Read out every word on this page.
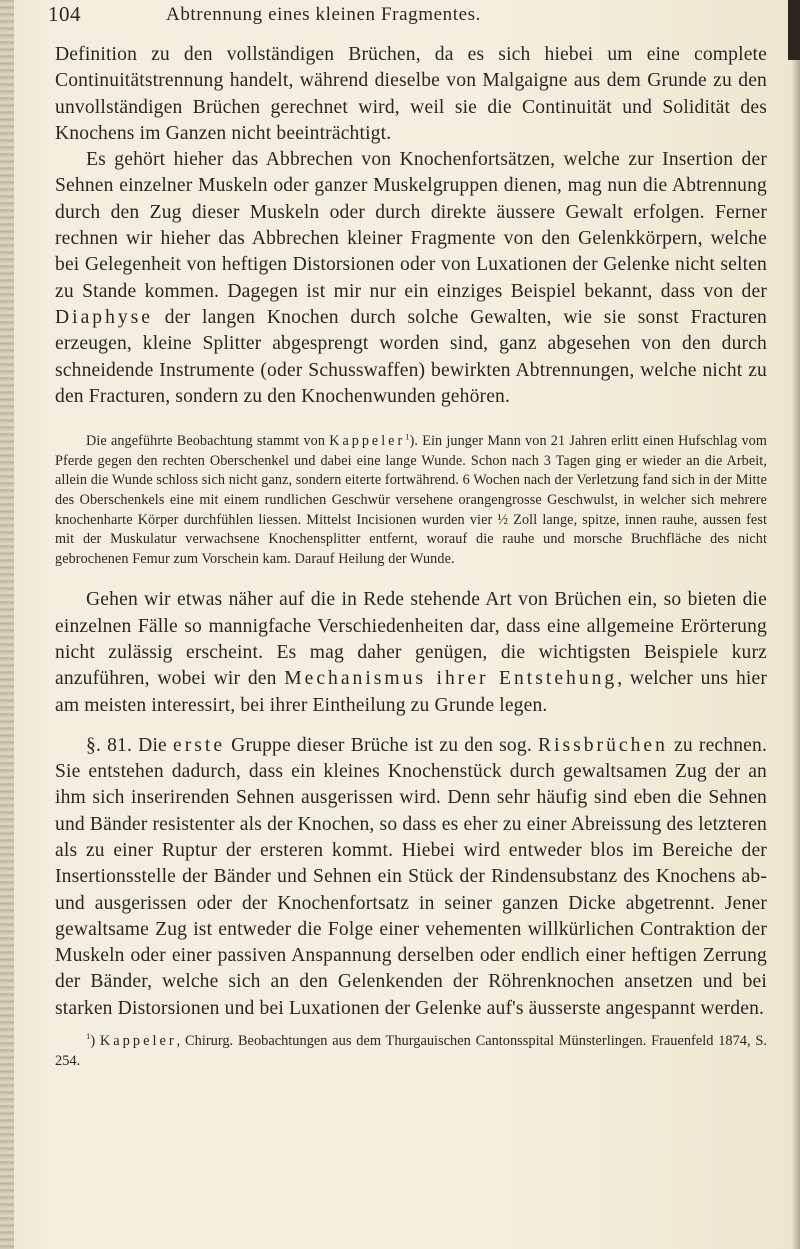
104	Abtrennung eines kleinen Fragmentes.

Definition zu den vollständigen Brüchen, da es sich hiebei um eine complete Continuitätstrennung handelt, während dieselbe von Malgaigne aus dem Grunde zu den unvollständigen Brüchen gerechnet wird, weil sie die Continuität und Solidität des Knochens im Ganzen nicht beeinträchtigt.

Es gehört hieher das Abbrechen von Knochenfortsätzen, welche zur Insertion der Sehnen einzelner Muskeln oder ganzer Muskelgruppen dienen, mag nun die Abtrennung durch den Zug dieser Muskeln oder durch direkte äussere Gewalt erfolgen. Ferner rechnen wir hieher das Abbrechen kleiner Fragmente von den Gelenkkörpern, welche bei Gelegenheit von heftigen Distorsionen oder von Luxationen der Gelenke nicht selten zu Stande kommen. Dagegen ist mir nur ein einziges Beispiel bekannt, dass von der Diaphyse der langen Knochen durch solche Gewalten, wie sie sonst Fracturen erzeugen, kleine Splitter abgesprengt worden sind, ganz abgesehen von den durch schneidende Instrumente (oder Schusswaffen) bewirkten Abtrennungen, welche nicht zu den Fracturen, sondern zu den Knochenwunden gehören.

Die angeführte Beobachtung stammt von Kappeler$^1$). Ein junger Mann von 21 Jahren erlitt einen Hufschlag vom Pferde gegen den rechten Oberschenkel und dabei eine lange Wunde. Schon nach 3 Tagen ging er wieder an die Arbeit, allein die Wunde schloss sich nicht ganz, sondern eiterte fortwährend. 6 Wochen nach der Verletzung fand sich in der Mitte des Oberschenkels eine mit einem rundlichen Geschwür versehene orangengrosse Geschwulst, in welcher sich mehrere knochenharte Körper durchfühlen liessen. Mittelst Incisionen wurden vier ½ Zoll lange, spitze, innen rauhe, aussen fest mit der Muskulatur verwachsene Knochensplitter entfernt, worauf die rauhe und morsche Bruchfläche des nicht gebrochenen Femur zum Vorschein kam. Darauf Heilung der Wunde.

Gehen wir etwas näher auf die in Rede stehende Art von Brüchen ein, so bieten die einzelnen Fälle so mannigfache Verschiedenheiten dar, dass eine allgemeine Erörterung nicht zulässig erscheint. Es mag daher genügen, die wichtigsten Beispiele kurz anzuführen, wobei wir den Mechanismus ihrer Entstehung, welcher uns hier am meisten interessirt, bei ihrer Eintheilung zu Grunde legen.

§. 81. Die erste Gruppe dieser Brüche ist zu den sog. Rissbrüchen zu rechnen. Sie entstehen dadurch, dass ein kleines Knochenstück durch gewaltsamen Zug der an ihm sich inserirenden Sehnen ausgerissen wird. Denn sehr häufig sind eben die Sehnen und Bänder resistenter als der Knochen, so dass es eher zu einer Abreissung des letzteren als zu einer Ruptur der ersteren kommt. Hiebei wird entweder blos im Bereiche der Insertionsstelle der Bänder und Sehnen ein Stück der Rindensubstanz des Knochens ab- und ausgerissen oder der Knochenfortsatz in seiner ganzen Dicke abgetrennt. Jener gewaltsame Zug ist entweder die Folge einer vehementen willkürlichen Contraktion der Muskeln oder einer passiven Anspannung derselben oder endlich einer heftigen Zerrung der Bänder, welche sich an den Gelenkenden der Röhrenknochen ansetzen und bei starken Distorsionen und bei Luxationen der Gelenke auf's äusserste angespannt werden.

$^1$) Kappeler, Chirurg. Beobachtungen aus dem Thurgauischen Cantonsspital Münsterlingen. Frauenfeld 1874, S. 254.
